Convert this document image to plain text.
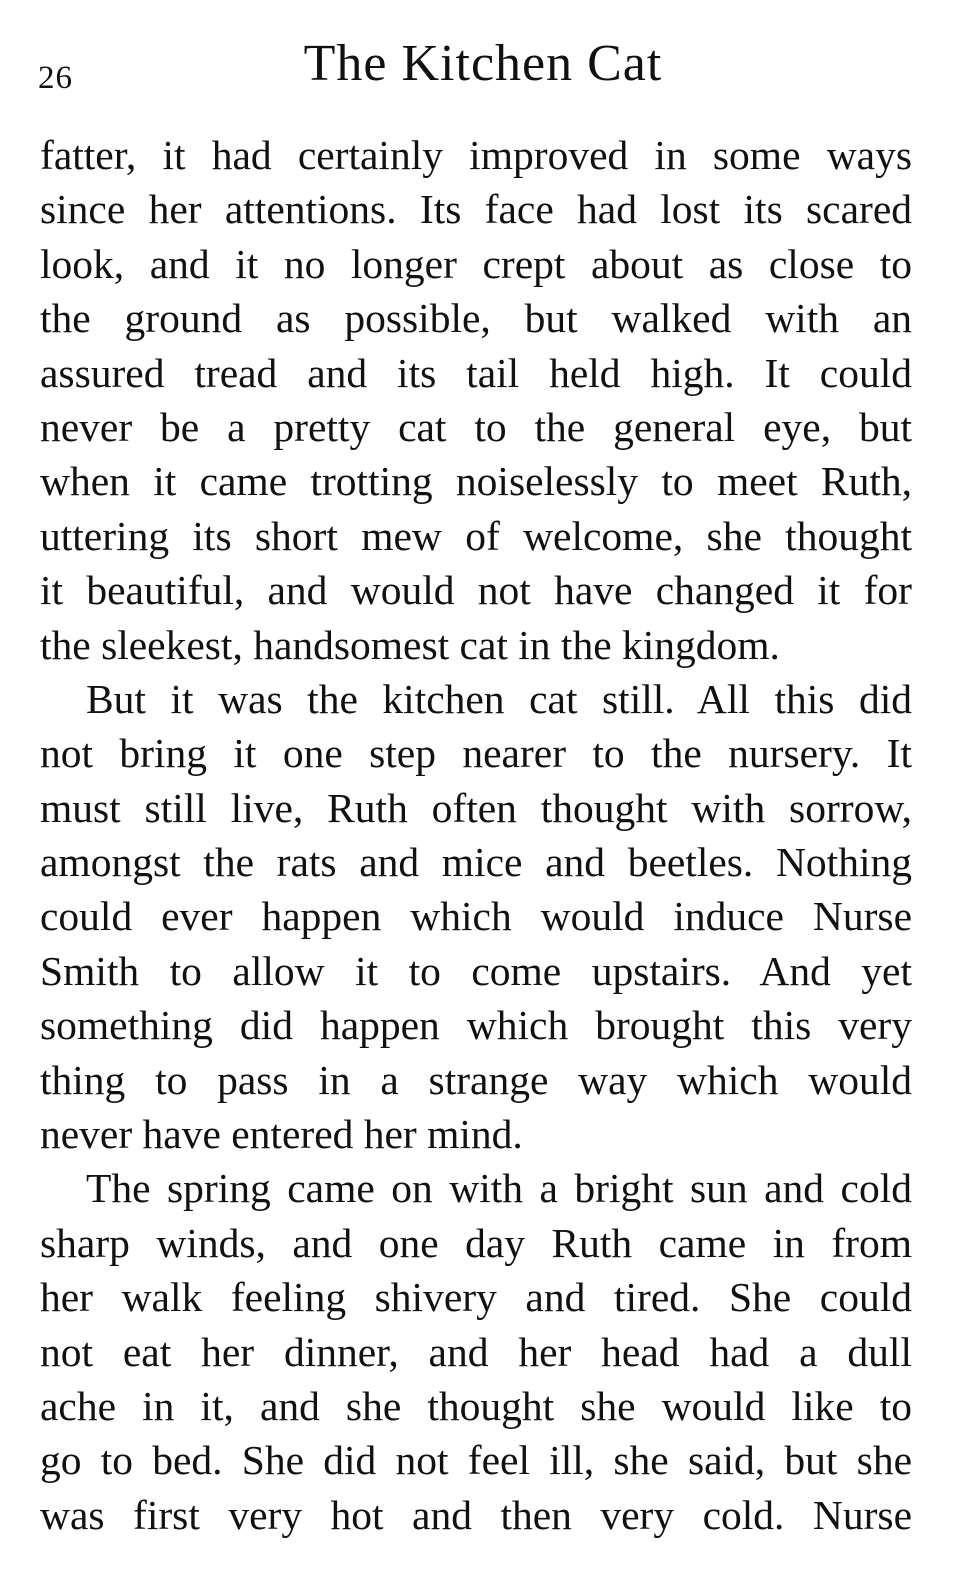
26	The Kitchen Cat
fatter, it had certainly improved in some ways
since her attentions. Its face had lost its scared
look, and it no longer crept about as close to
the ground as possible, but walked with an
assured tread and its tail held high. It could
never be a pretty cat to the general eye, but
when it came trotting noiselessly to meet Ruth,
uttering its short mew of welcome, she thought
it beautiful, and would not have changed it for
the sleekest, handsomest cat in the kingdom.
But it was the kitchen cat still. All this did
not bring it one step nearer to the nursery. It
must still live, Ruth often thought with sorrow,
amongst the rats and mice and beetles. Nothing
could ever happen which would induce Nurse
Smith to allow it to come upstairs. And yet
something did happen which brought this very
thing to pass in a strange way which would
never have entered her mind.
The spring came on with a bright sun and cold
sharp winds, and one day Ruth came in from
her walk feeling shivery and tired. She could
not eat her dinner, and her head had a dull
ache in it, and she thought she would like to
go to bed. She did not feel ill, she said, but she
was first very hot and then very cold. Nurse
